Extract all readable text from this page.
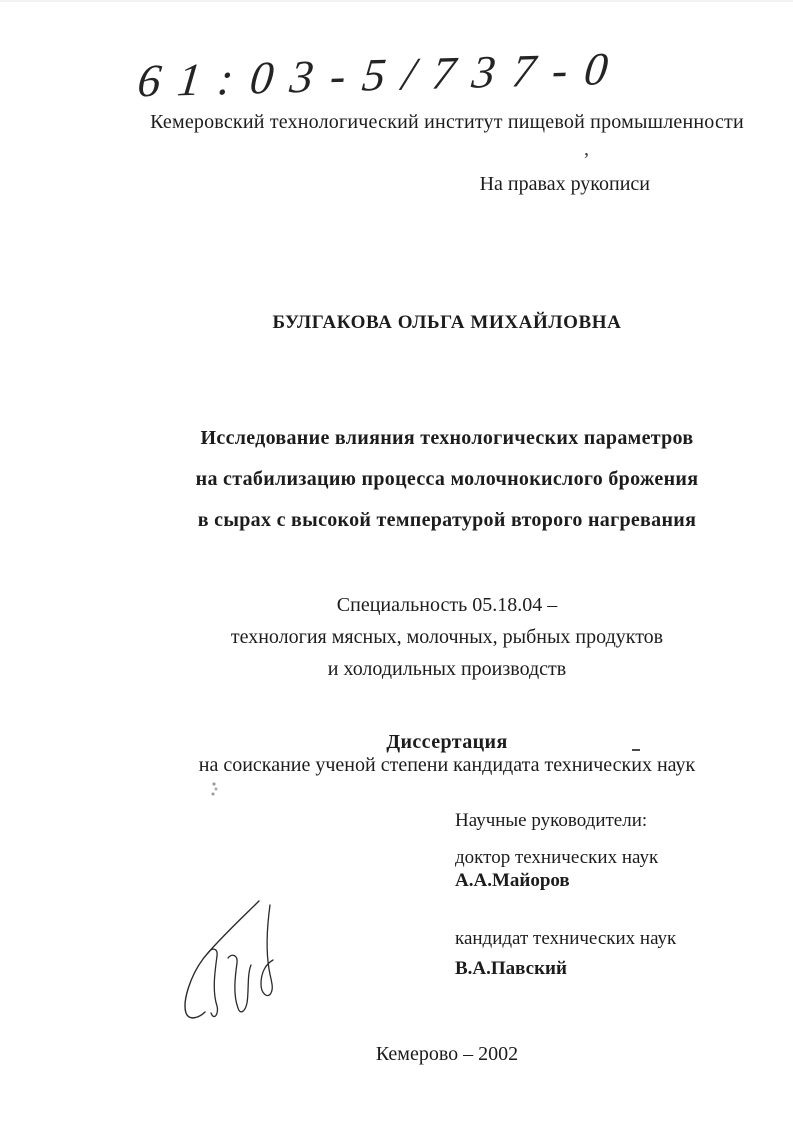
61:03-5/737-0
Кемеровский технологический институт пищевой промышленности
,
На правах рукописи
БУЛГАКОВА ОЛЬГА МИХАЙЛОВНА
Исследование влияния технологических параметров
на стабилизацию процесса молочнокислого брожения
в сырах с высокой температурой второго нагревания
Специальность 05.18.04 –
технология мясных, молочных, рыбных продуктов
и холодильных производств
Диссертация
на соискание ученой степени кандидата технических наук
Научные руководители:
доктор технических наук
А.А.Майоров
кандидат технических наук
В.А.Павский
Кемерово – 2002
